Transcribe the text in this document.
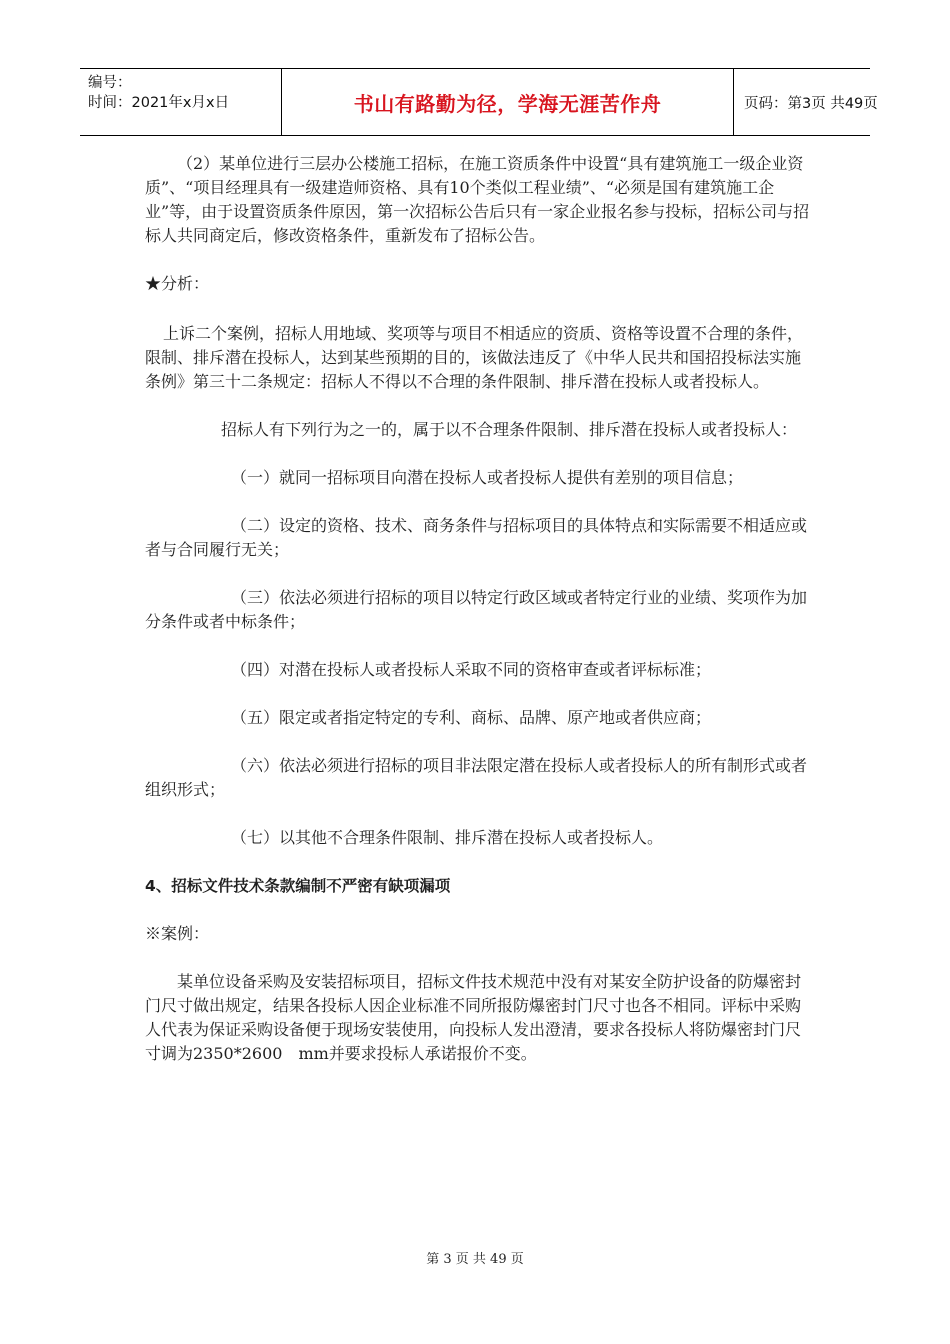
编号：
时间：2021年x月x日	书山有路勤为径，学海无涯苦作舟	页码：第3页 共49页

（2）某单位进行三层办公楼施工招标，在施工资质条件中设置“具有建筑施工一级企业资质”、“项目经理具有一级建造师资格、具有10个类似工程业绩”、“必须是国有建筑施工企业”等，由于设置资质条件原因，第一次招标公告后只有一家企业报名参与投标，招标公司与招标人共同商定后，修改资格条件，重新发布了招标公告。

★分析：

上诉二个案例，招标人用地域、奖项等与项目不相适应的资质、资格等设置不合理的条件，限制、排斥潜在投标人，达到某些预期的目的，该做法违反了《中华人民共和国招投标法实施条例》第三十二条规定：招标人不得以不合理的条件限制、排斥潜在投标人或者投标人。

招标人有下列行为之一的，属于以不合理条件限制、排斥潜在投标人或者投标人：

（一）就同一招标项目向潜在投标人或者投标人提供有差别的项目信息；

（二）设定的资格、技术、商务条件与招标项目的具体特点和实际需要不相适应或者与合同履行无关；

（三）依法必须进行招标的项目以特定行政区域或者特定行业的业绩、奖项作为加分条件或者中标条件；

（四）对潜在投标人或者投标人采取不同的资格审查或者评标标准；

（五）限定或者指定特定的专利、商标、品牌、原产地或者供应商；

（六）依法必须进行招标的项目非法限定潜在投标人或者投标人的所有制形式或者组织形式；

（七）以其他不合理条件限制、排斥潜在投标人或者投标人。

4、招标文件技术条款编制不严密有缺项漏项

※案例：

某单位设备采购及安装招标项目，招标文件技术规范中没有对某安全防护设备的防爆密封门尺寸做出规定，结果各投标人因企业标准不同所报防爆密封门尺寸也各不相同。评标中采购人代表为保证采购设备便于现场安装使用，向投标人发出澄清，要求各投标人将防爆密封门尺寸调为2350*2600　mm并要求投标人承诺报价不变。

第 3 页 共 49 页
